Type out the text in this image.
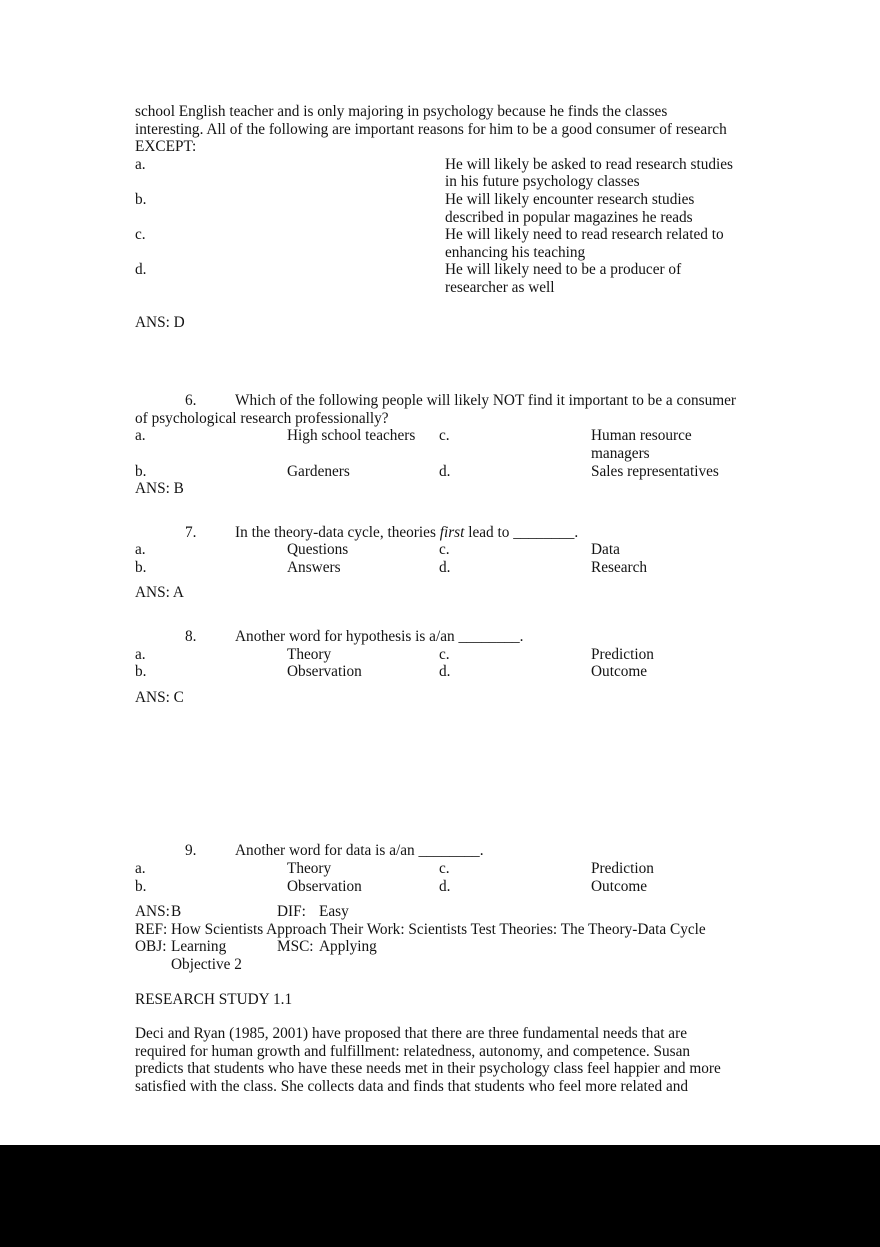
school English teacher and is only majoring in psychology because he finds the classes interesting. All of the following are important reasons for him to be a good consumer of research EXCEPT:

a.	He will likely be asked to read research studies in his future psychology classes
b.	He will likely encounter research studies described in popular magazines he reads
c.	He will likely need to read research related to enhancing his teaching
d.	He will likely need to be a producer of researcher as well

ANS: D

6.	Which of the following people will likely NOT find it important to be a consumer of psychological research professionally?

a.	High school teachers	c.	Human resource managers
b.	Gardeners	d.	Sales representatives

ANS: B

7.	In the theory-data cycle, theories first lead to ________.

a.	Questions	c.	Data
b.	Answers	d.	Research

ANS: A

8.	Another word for hypothesis is a/an ________.

a.	Theory	c.	Prediction
b.	Observation	d.	Outcome

ANS: C

9.	Another word for data is a/an ________.

a.	Theory	c.	Prediction
b.	Observation	d.	Outcome
ANS:	B	DIF:	Easy
REF:	How Scientists Approach Their Work: Scientists Test Theories: The Theory-Data Cycle		
OBJ:	Learning Objective 2	MSC:	Applying

RESEARCH STUDY 1.1

Deci and Ryan (1985, 2001) have proposed that there are three fundamental needs that are required for human growth and fulfillment: relatedness, autonomy, and competence. Susan predicts that students who have these needs met in their psychology class feel happier and more satisfied with the class. She collects data and finds that students who feel more related and
